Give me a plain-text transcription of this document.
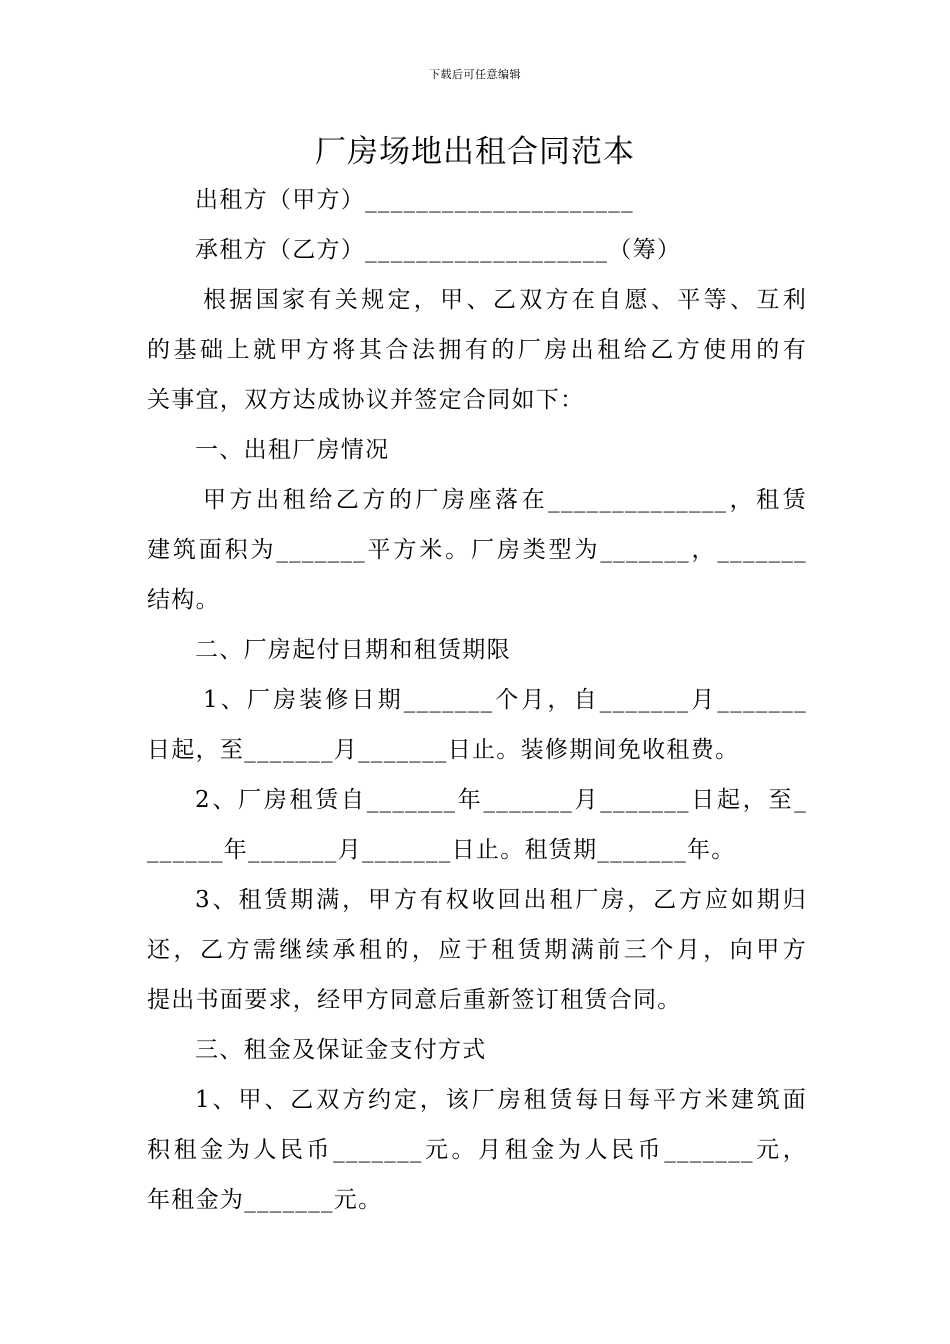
下载后可任意编辑
厂房场地出租合同范本
出租方（甲方）_____________________
承租方（乙方）___________________（筹）
根据国家有关规定，甲、乙双方在自愿、平等、互利
的基础上就甲方将其合法拥有的厂房出租给乙方使用的有
关事宜，双方达成协议并签定合同如下：
一、出租厂房情况
甲方出租给乙方的厂房座落在______________，租赁
建筑面积为_______平方米。厂房类型为_______，_______
结构。
二、厂房起付日期和租赁期限
1、厂房装修日期_______个月，自_______月_______
日起，至_______月_______日止。装修期间免收租费。
2、厂房租赁自_______年_______月_______日起，至_
______年_______月_______日止。租赁期_______年。
3、租赁期满，甲方有权收回出租厂房，乙方应如期归
还，乙方需继续承租的，应于租赁期满前三个月，向甲方
提出书面要求，经甲方同意后重新签订租赁合同。
三、租金及保证金支付方式
1、甲、乙双方约定，该厂房租赁每日每平方米建筑面
积租金为人民币_______元。月租金为人民币_______元，
年租金为_______元。
